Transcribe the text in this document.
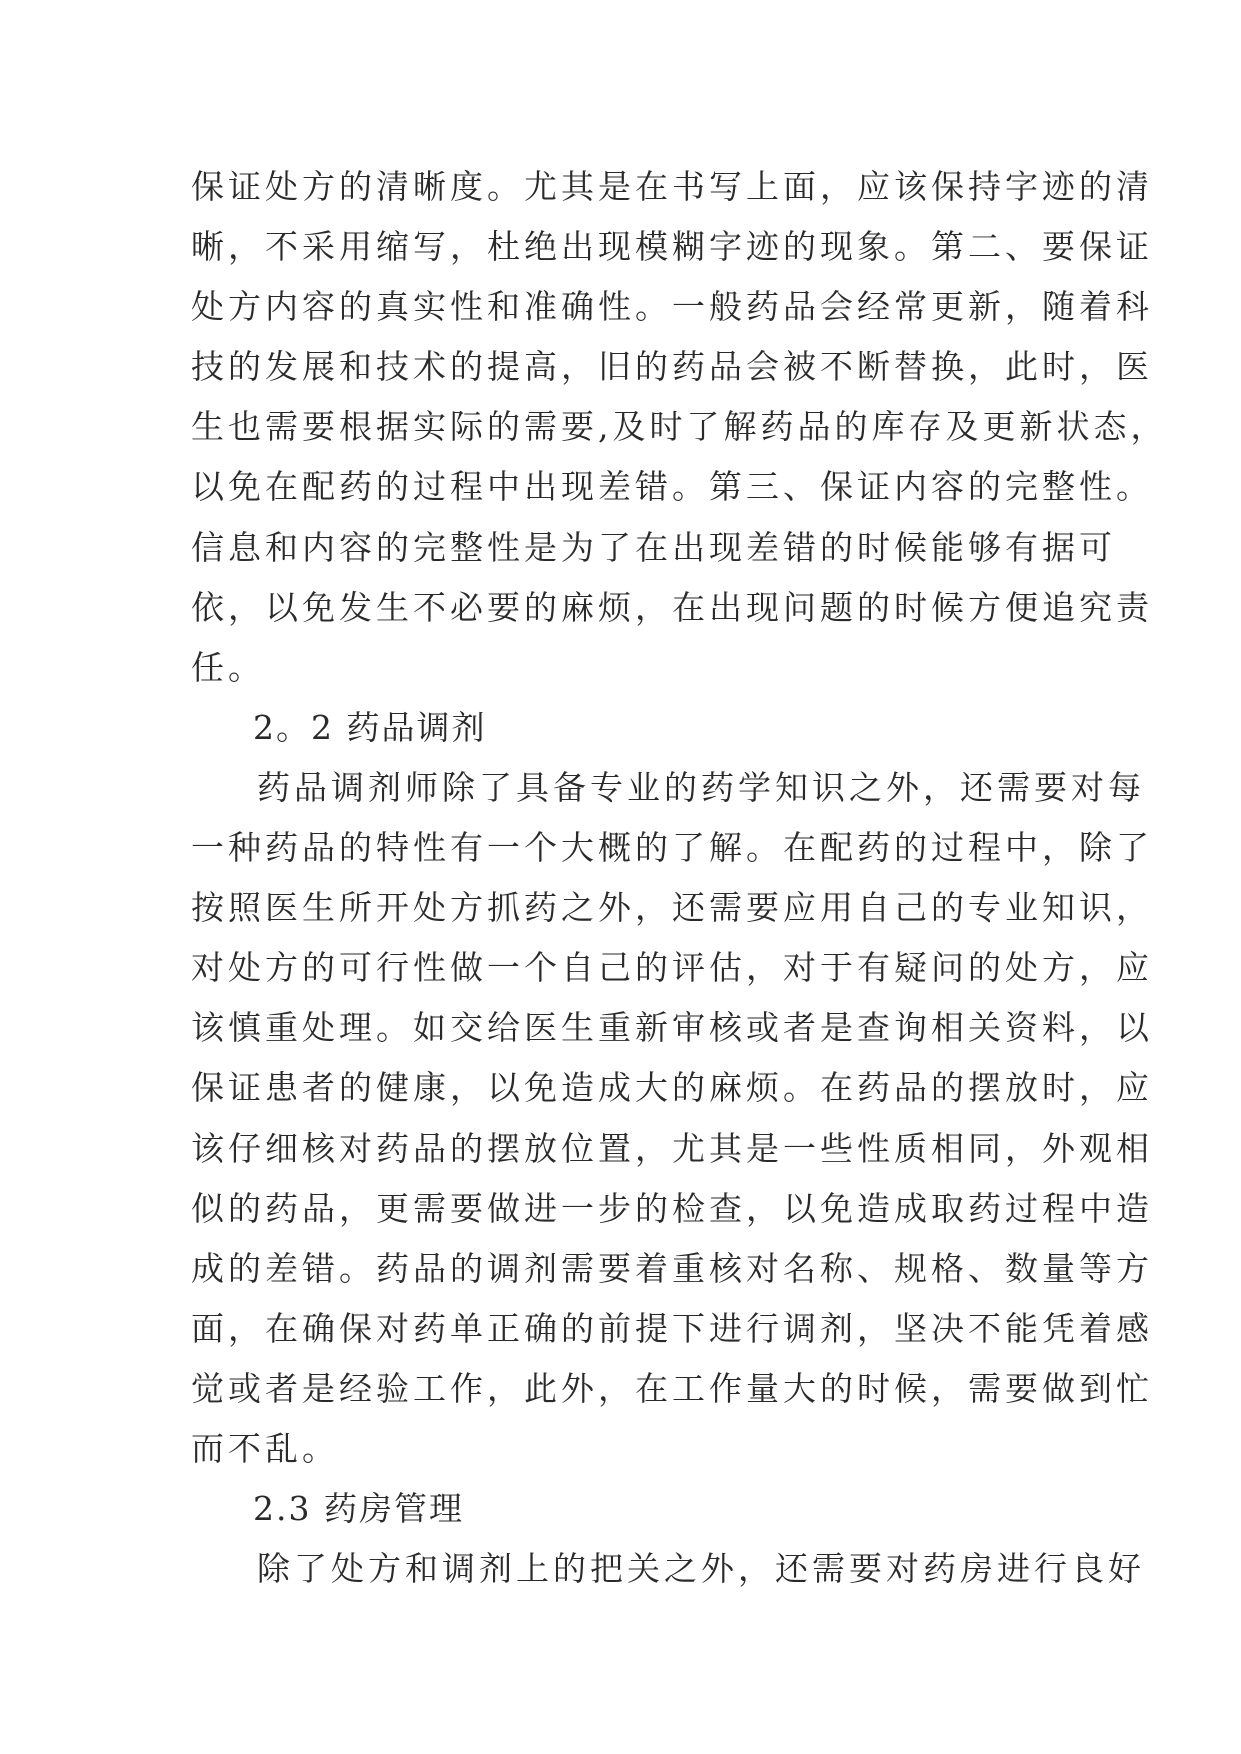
保证处方的清晰度。尤其是在书写上面，应该保持字迹的清
晰，不采用缩写，杜绝出现模糊字迹的现象。第二、要保证
处方内容的真实性和准确性。一般药品会经常更新，随着科
技的发展和技术的提高，旧的药品会被不断替换，此时，医
生也需要根据实际的需要,及时了解药品的库存及更新状态，
以免在配药的过程中出现差错。第三、保证内容的完整性。
信息和内容的完整性是为了在出现差错的时候能够有据可
依，以免发生不必要的麻烦，在出现问题的时候方便追究责
任。
2。2 药品调剂
药品调剂师除了具备专业的药学知识之外，还需要对每
一种药品的特性有一个大概的了解。在配药的过程中，除了
按照医生所开处方抓药之外，还需要应用自己的专业知识，
对处方的可行性做一个自己的评估，对于有疑问的处方，应
该慎重处理。如交给医生重新审核或者是查询相关资料，以
保证患者的健康，以免造成大的麻烦。在药品的摆放时，应
该仔细核对药品的摆放位置，尤其是一些性质相同，外观相
似的药品，更需要做进一步的检查，以免造成取药过程中造
成的差错。药品的调剂需要着重核对名称、规格、数量等方
面，在确保对药单正确的前提下进行调剂，坚决不能凭着感
觉或者是经验工作，此外，在工作量大的时候，需要做到忙
而不乱。
2.3 药房管理
除了处方和调剂上的把关之外，还需要对药房进行良好
